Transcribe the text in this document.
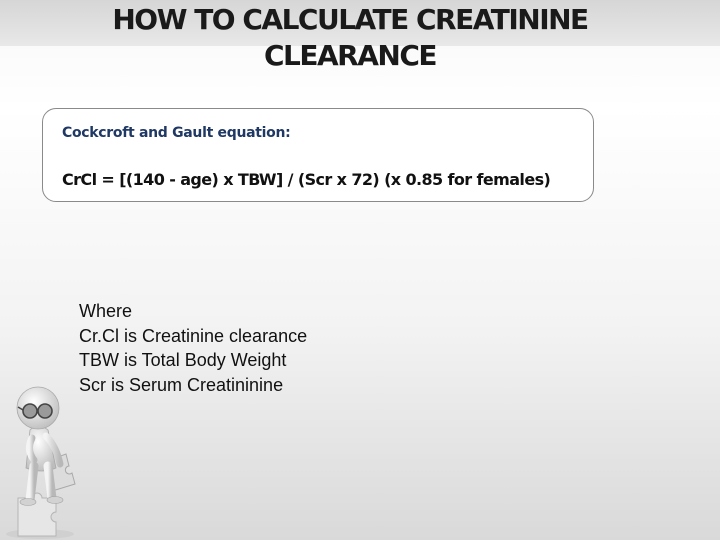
HOW TO CALCULATE CREATININE
CLEARANCE
Cockcroft and Gault equation:
CrCl = [(140 - age) x TBW] / (Scr x 72) (x 0.85 for females)
Where
Cr.Cl is Creatinine clearance
TBW is Total Body Weight
Scr is Serum Creatininine
